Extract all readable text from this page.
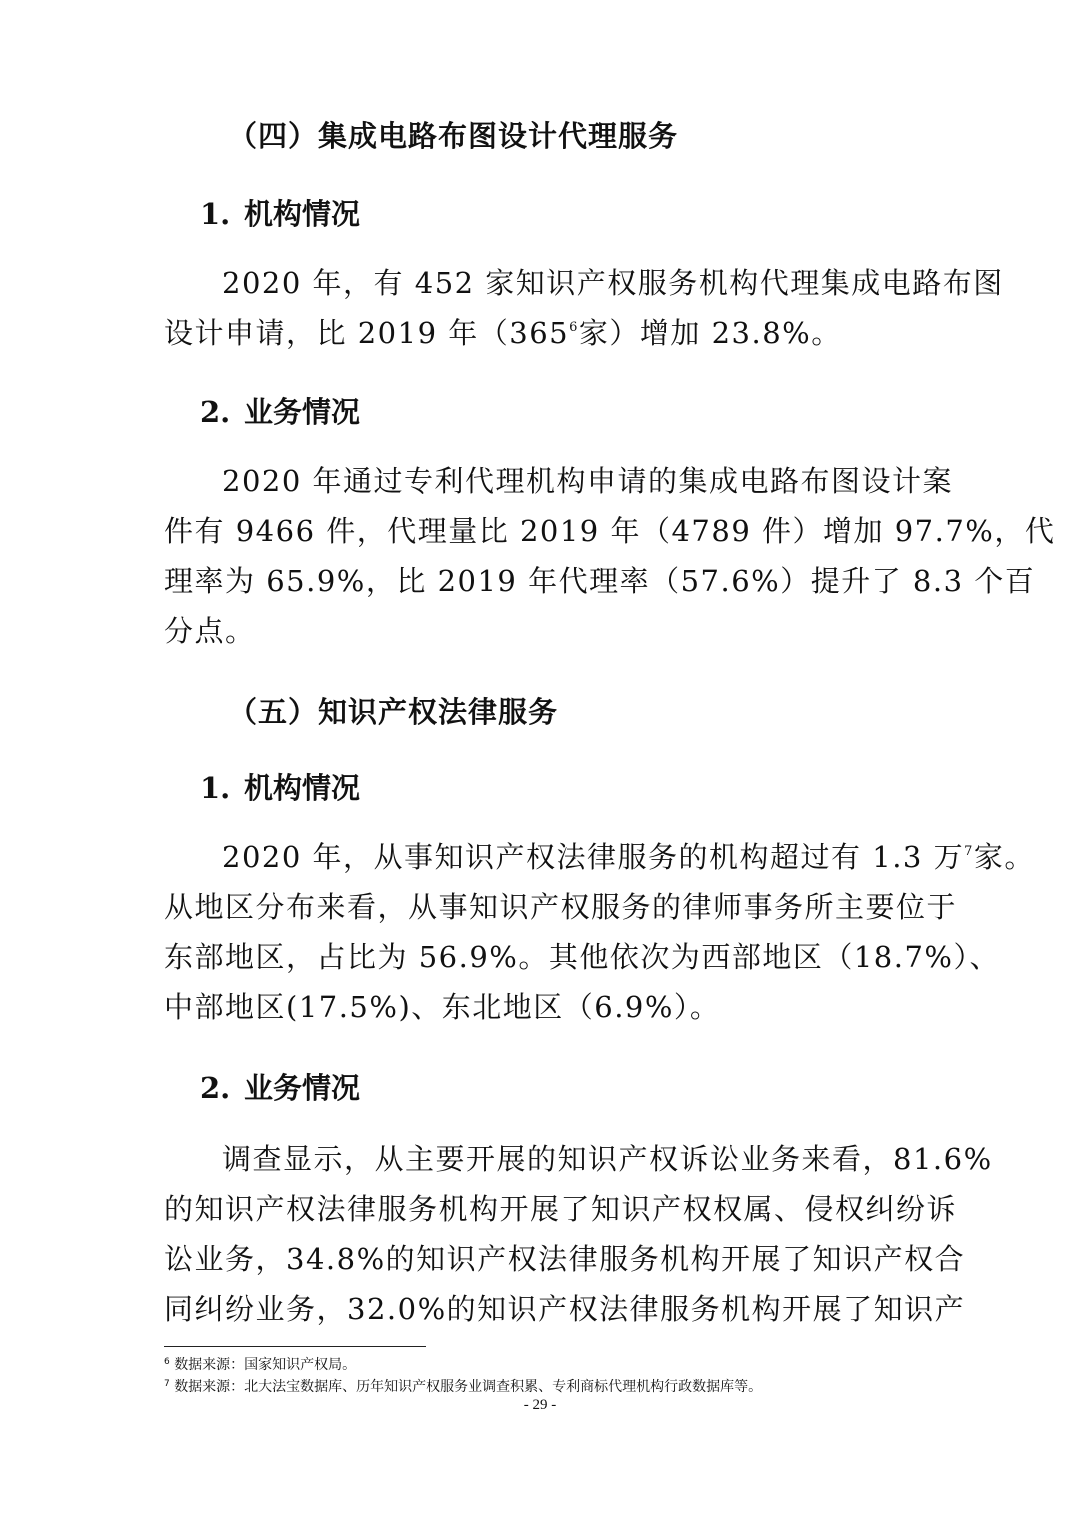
（四）集成电路布图设计代理服务
1. 机构情况
2020 年，有 452 家知识产权服务机构代理集成电路布图
设计申请，比 2019 年（$365^6$家）增加 23.8%。
2. 业务情况
2020 年通过专利代理机构申请的集成电路布图设计案
件有 9466 件，代理量比 2019 年（4789 件）增加 97.7%，代
理率为 65.9%，比 2019 年代理率（57.6%）提升了 8.3 个百
分点。
（五）知识产权法律服务
1. 机构情况
2020 年，从事知识产权法律服务的机构超过有 1.3 万$^7$家。
从地区分布来看，从事知识产权服务的律师事务所主要位于
东部地区，占比为 56.9%。其他依次为西部地区（18.7%）、
中部地区(17.5%)、东北地区（6.9%）。
2. 业务情况
调查显示，从主要开展的知识产权诉讼业务来看，81.6%
的知识产权法律服务机构开展了知识产权权属、侵权纠纷诉
讼业务，34.8%的知识产权法律服务机构开展了知识产权合
同纠纷业务，32.0%的知识产权法律服务机构开展了知识产
$^6$ 数据来源：国家知识产权局。
$^7$ 数据来源：北大法宝数据库、历年知识产权服务业调查积累、专利商标代理机构行政数据库等。
- 29 -
